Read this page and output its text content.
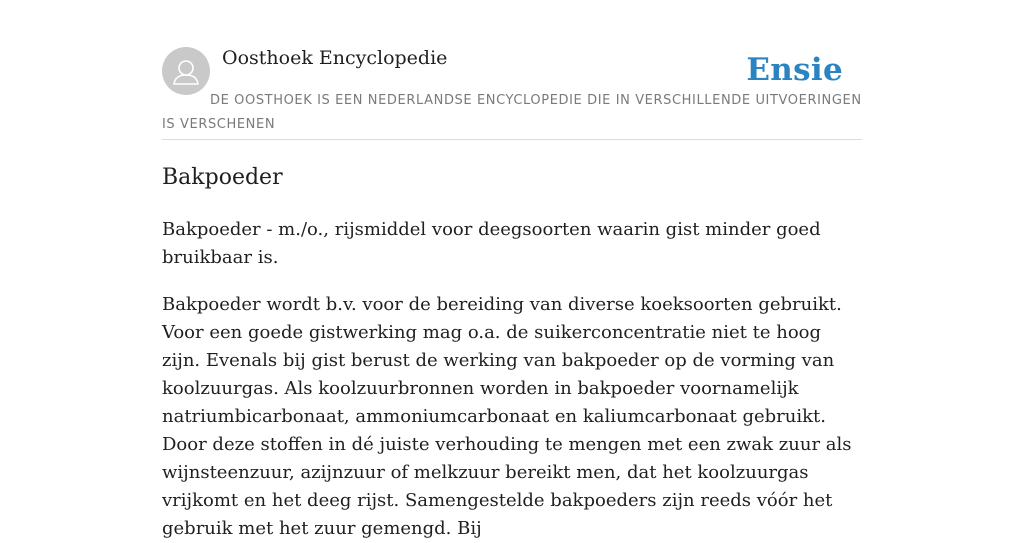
Oosthoek Encyclopedie	Ensie
DE OOSTHOEK IS EEN NEDERLANDSE ENCYCLOPEDIE DIE IN VERSCHILLENDE UITVOERINGEN IS VERSCHENEN
Bakpoeder

Bakpoeder - m./o., rijsmiddel voor deegsoorten waarin gist minder goed bruikbaar is.

Bakpoeder wordt b.v. voor de bereiding van diverse koeksoorten gebruikt. Voor een goede gistwerking mag o.a. de suikerconcentratie niet te hoog zijn. Evenals bij gist berust de werking van bakpoeder op de vorming van koolzuurgas. Als koolzuurbronnen worden in bakpoeder voornamelijk natriumbicarbonaat, ammoniumcarbonaat en kaliumcarbonaat gebruikt. Door deze stoffen in dé juiste verhouding te mengen met een zwak zuur als wijnsteenzuur, azijnzuur of melkzuur bereikt men, dat het koolzuurgas vrijkomt en het deeg rijst. Samengestelde bakpoeders zijn reeds vóór het gebruik met het zuur gemengd. Bij
